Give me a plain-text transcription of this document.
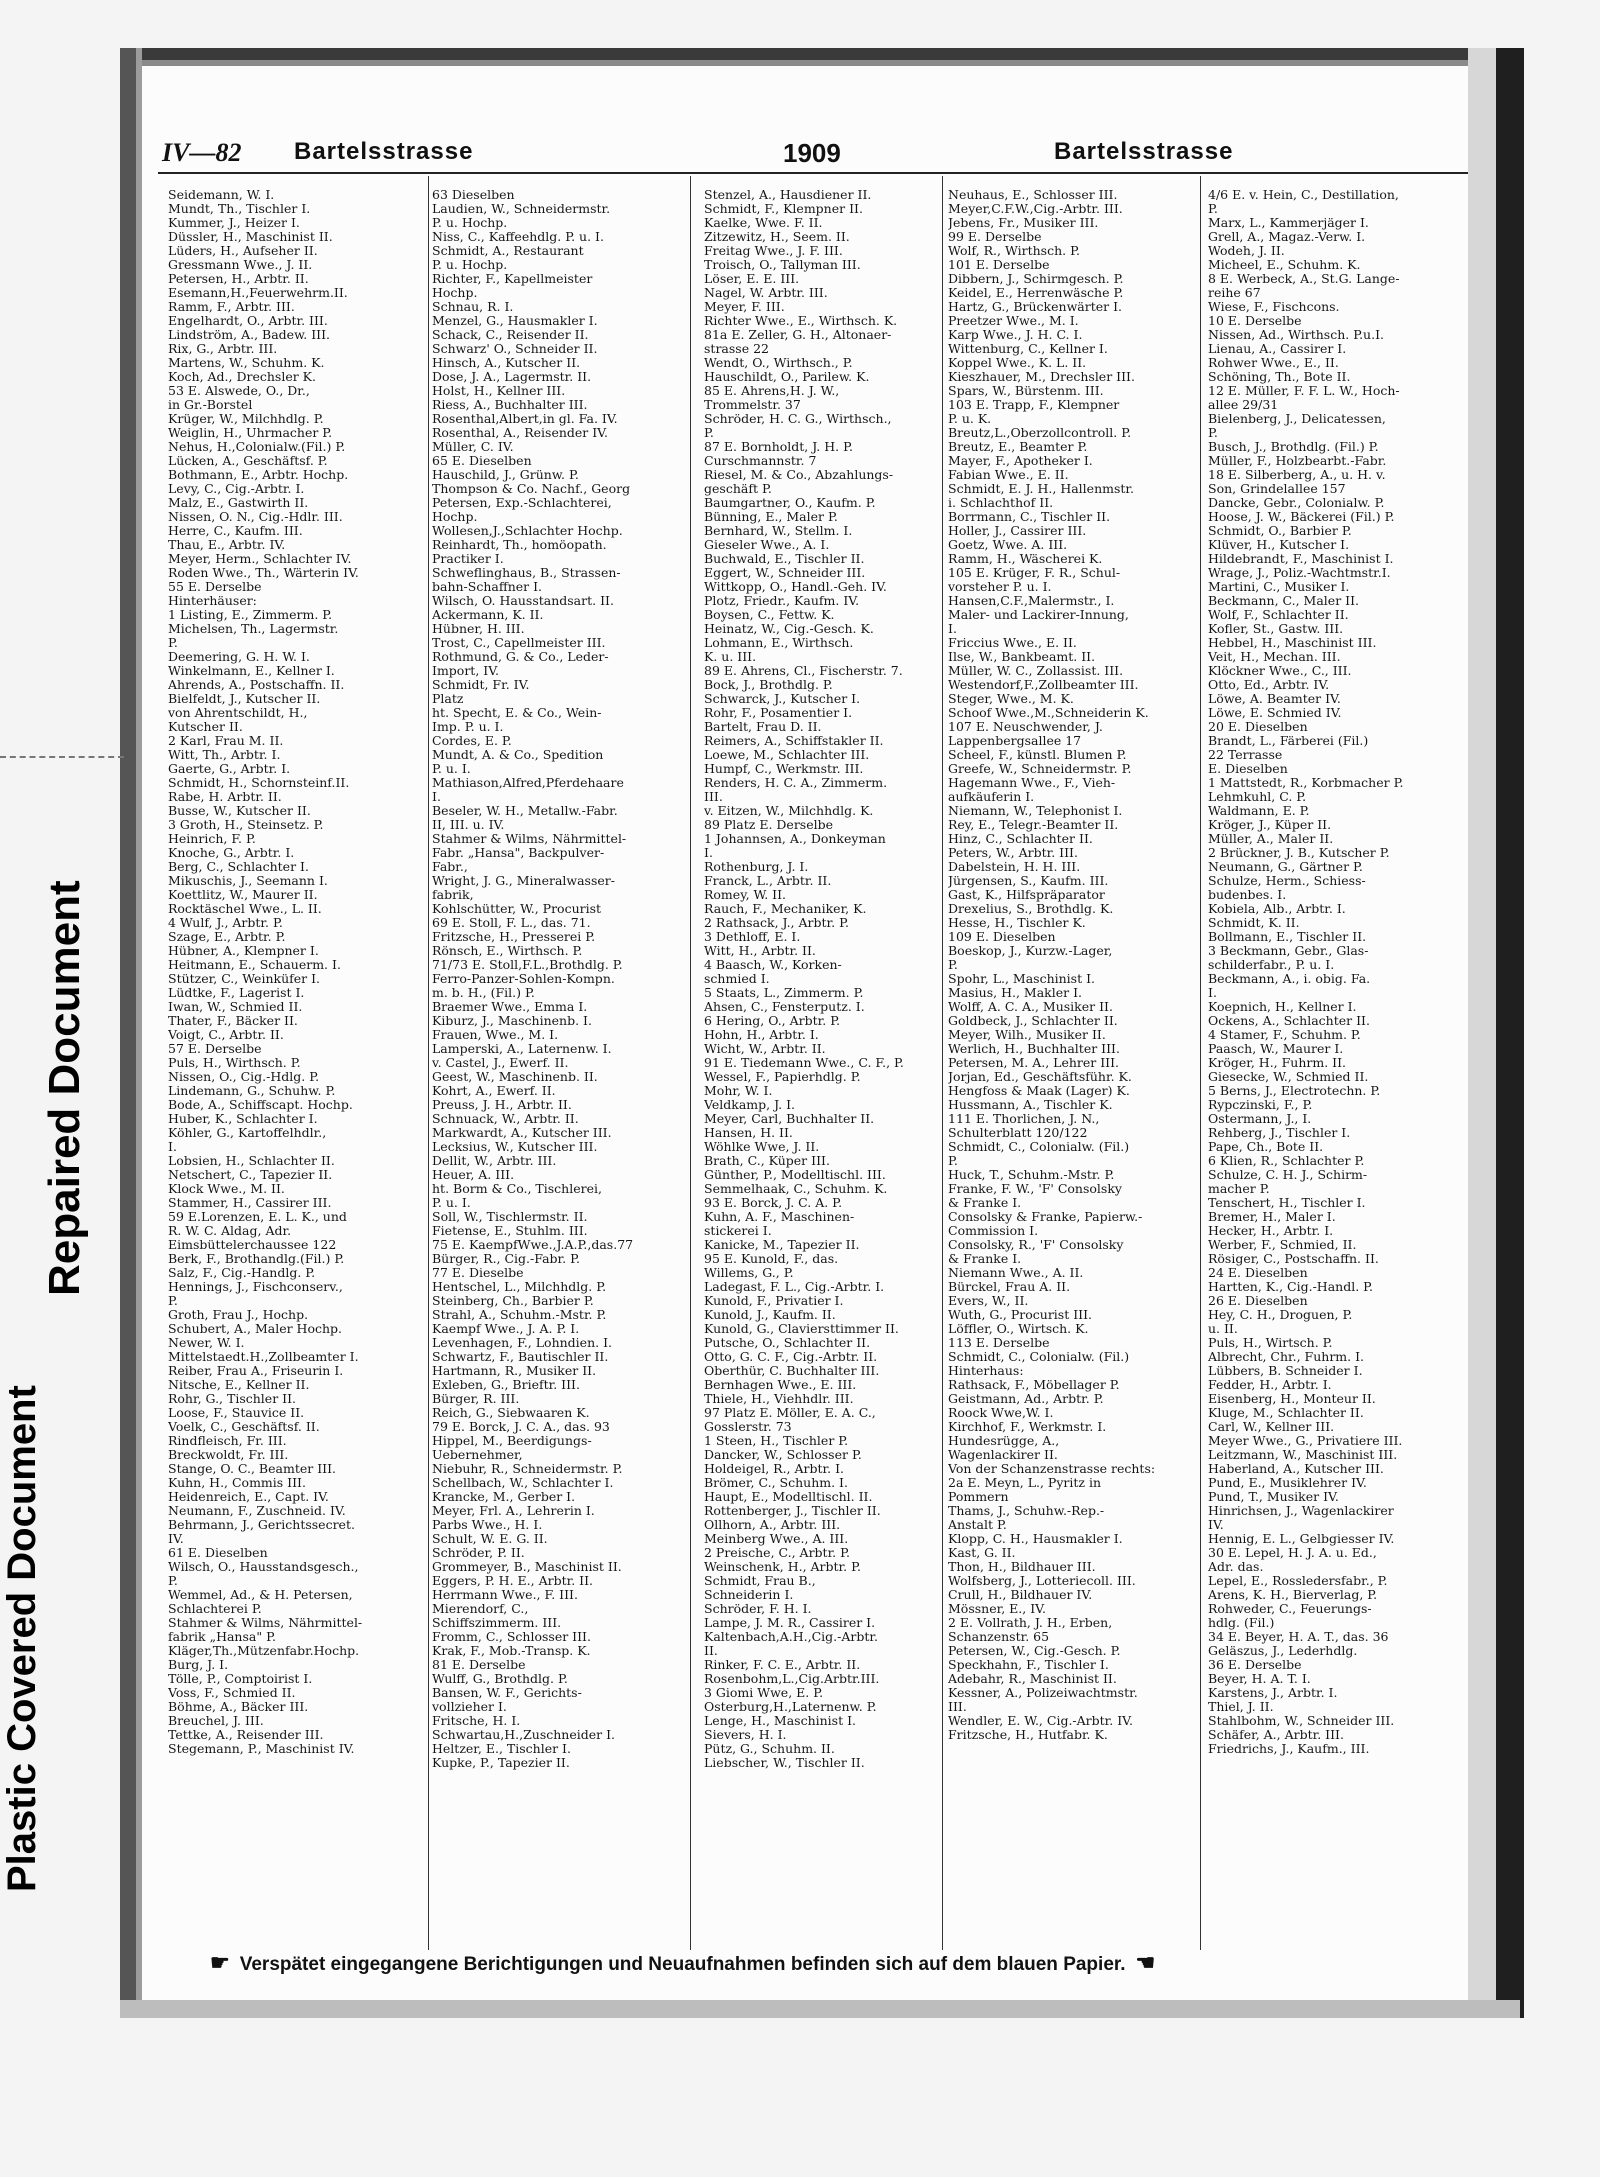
Repaired Document
Plastic Covered Document
IV—82 Bartelsstrasse	1909	Bartelsstrasse
Seidemann, W. I.
Mundt, Th., Tischler I.
Kummer, J., Heizer I.
Düssler, H., Maschinist II.
Lüders, H., Aufseher II.
Gressmann Wwe., J. II.
Petersen, H., Arbtr. II.
Esemann,H.,Feuerwehrm.II.
Ramm, F., Arbtr. III.
Engelhardt, O., Arbtr. III.
Lindström, A., Badew. III.
Rix, G., Arbtr. III.
Martens, W., Schuhm. K.
Koch, Ad., Drechsler K.
53 E. Alswede, O., Dr.,
in Gr.-Borstel
Krüger, W., Milchhdlg. P.
Weiglin, H., Uhrmacher P.
Nehus, H.,Colonialw.(Fil.) P.
Lücken, A., Geschäftsf. P.
Bothmann, E., Arbtr. Hochp.
Levy, C., Cig.-Arbtr. I.
Malz, E., Gastwirth II.
Nissen, O. N., Cig.-Hdlr. III.
Herre, C., Kaufm. III.
Thau, E., Arbtr. IV.
Meyer, Herm., Schlachter IV.
Roden Wwe., Th., Wärterin IV.
55 E. Derselbe
Hinterhäuser:
1 Listing, E., Zimmerm. P.
Michelsen, Th., Lagermstr.
P.
Deemering, G. H. W. I.
Winkelmann, E., Kellner I.
Ahrends, A., Postschaffn. II.
Bielfeldt, J., Kutscher II.
von Ahrentschildt, H.,
Kutscher II.
2 Karl, Frau M. II.
Witt, Th., Arbtr. I.
Gaerte, G., Arbtr. I.
Schmidt, H., Schornsteinf.II.
Rabe, H. Arbtr. II.
Busse, W., Kutscher II.
3 Groth, H., Steinsetz. P.
Heinrich, F. P.
Knoche, G., Arbtr. I.
Berg, C., Schlachter I.
Mikuschis, J., Seemann I.
Koettlitz, W., Maurer II.
Rocktäschel Wwe., L. II.
4 Wulf, J., Arbtr. P.
Szage, E., Arbtr. P.
Hübner, A., Klempner I.
Heitmann, E., Schauerm. I.
Stützer, C., Weinküfer I.
Lüdtke, F., Lagerist I.
Iwan, W., Schmied II.
Thater, F., Bäcker II.
Voigt, C., Arbtr. II.
57 E. Derselbe
Puls, H., Wirthsch. P.
Nissen, O., Cig.-Hdlg. P.
Lindemann, G., Schuhw. P.
Bode, A., Schiffscapt. Hochp.
Huber, K., Schlachter I.
Köhler, G., Kartoffelhdlr.,
I.
Lobsien, H., Schlachter II.
Netschert, C., Tapezier II.
Klock Wwe., M. II.
Stammer, H., Cassirer III.
59 E.Lorenzen, E. L. K., und
R. W. C. Aldag, Adr.
Eimsbüttelerchaussee 122
Berk, F., Brothandlg.(Fil.) P.
Salz, F., Cig.-Handlg. P.
Hennings, J., Fischconserv.,
P.
Groth, Frau J., Hochp.
Schubert, A., Maler Hochp.
Newer, W. I.
Mittelstaedt.H.,Zollbeamter I.
Reiber, Frau A., Friseurin I.
Nitsche, E., Kellner II.
Rohr, G., Tischler II.
Loose, F., Stauvice II.
Voelk, C., Geschäftsf. II.
Rindfleisch, Fr. III.
Breckwoldt, Fr. III.
Stange, O. C., Beamter III.
Kuhn, H., Commis III.
Heidenreich, E., Capt. IV.
Neumann, F., Zuschneid. IV.
Behrmann, J., Gerichtssecret.
IV.
61 E. Dieselben
Wilsch, O., Hausstandsgesch.,
P.
Wemmel, Ad., & H. Petersen,
Schlachterei P.
Stahmer & Wilms, Nährmittel-
fabrik „Hansa" P.
Kläger,Th.,Mützenfabr.Hochp.
Burg, J. I.
Tölle, P., Comptoirist I.
Voss, F., Schmied II.
Böhme, A., Bäcker III.
Breuchel, J. III.
Tettke, A., Reisender III.
Stegemann, P., Maschinist IV.
63 Dieselben
Laudien, W., Schneidermstr.
P. u. Hochp.
Niss, C., Kaffeehdlg. P. u. I.
Schmidt, A., Restaurant
P. u. Hochp.
Richter, F., Kapellmeister
Hochp.
Schnau, R. I.
Menzel, G., Hausmakler I.
Schack, C., Reisender II.
Schwarz' O., Schneider II.
Hinsch, A., Kutscher II.
Dose, J. A., Lagermstr. II.
Holst, H., Kellner III.
Riess, A., Buchhalter III.
Rosenthal,Albert,in gl. Fa. IV.
Rosenthal, A., Reisender IV.
Müller, C. IV.
65 E. Dieselben
Hauschild, J., Grünw. P.
Thompson & Co. Nachf., Georg
Petersen, Exp.-Schlachterei,
Hochp.
Wollesen,J.,Schlachter Hochp.
Reinhardt, Th., homöopath.
Practiker I.
Schweflinghaus, B., Strassen-
bahn-Schaffner I.
Wilsch, O. Hausstandsart. II.
Ackermann, K. II.
Hübner, H. III.
Trost, C., Capellmeister III.
Rothmund, G. & Co., Leder-
Import, IV.
Schmidt, Fr. IV.
Platz
ht. Specht, E. & Co., Wein-
Imp. P. u. I.
Cordes, E. P.
Mundt, A. & Co., Spedition
P. u. I.
Mathiason,Alfred,Pferdehaare
I.
Beseler, W. H., Metallw.-Fabr.
II, III. u. IV.
Stahmer & Wilms, Nährmittel-
Fabr. „Hansa", Backpulver-
Fabr.,
Wright, J. G., Mineralwasser-
fabrik,
Kohlschütter, W., Procurist
69 E. Stoll, F. L., das. 71.
Fritzsche, H., Presserei P.
Rönsch, E., Wirthsch. P.
71/73 E. Stoll,F.L.,Brothdlg. P.
Ferro-Panzer-Sohlen-Kompn.
m. b. H., (Fil.) P.
Braemer Wwe., Emma I.
Kiburz, J., Maschinenb. I.
Frauen, Wwe., M. I.
Lamperski, A., Laternenw. I.
v. Castel, J., Ewerf. II.
Geest, W., Maschinenb. II.
Kohrt, A., Ewerf. II.
Preuss, J. H., Arbtr. II.
Schnuack, W., Arbtr. II.
Markwardt, A., Kutscher III.
Lecksius, W., Kutscher III.
Dellit, W., Arbtr. III.
Heuer, A. III.
ht. Borm & Co., Tischlerei,
P. u. I.
Soll, W., Tischlermstr. II.
Fietense, E., Stuhlm. III.
75 E. KaempfWwe.,J.A.P.,das.77
Bürger, R., Cig.-Fabr. P.
77 E. Dieselbe
Hentschel, L., Milchhdlg. P.
Steinberg, Ch., Barbier P.
Strahl, A., Schuhm.-Mstr. P.
Kaempf Wwe., J. A. P. I.
Levenhagen, F., Lohndien. I.
Schwartz, F., Bautischler II.
Hartmann, R., Musiker II.
Exleben, G., Brieftr. III.
Bürger, R. III.
Reich, G., Siebwaaren K.
79 E. Borck, J. C. A., das. 93
Hippel, M., Beerdigungs-
Uebernehmer,
Niebuhr, R., Schneidermstr. P.
Schellbach, W., Schlachter I.
Krancke, M., Gerber I.
Meyer, Frl. A., Lehrerin I.
Parbs Wwe., H. I.
Schult, W. E. G. II.
Schröder, P. II.
Grommeyer, B., Maschinist II.
Eggers, P. H. E., Arbtr. II.
Herrmann Wwe., F. III.
Mierendorf, C.,
Schiffszimmerm. III.
Fromm, C., Schlosser III.
Krak, F., Mob.-Transp. K.
81 E. Derselbe
Wulff, G., Brothdlg. P.
Bansen, W. F., Gerichts-
vollzieher I.
Fritsche, H. I.
Schwartau,H.,Zuschneider I.
Heltzer, E., Tischler I.
Kupke, P., Tapezier II.
Stenzel, A., Hausdiener II.
Schmidt, F., Klempner II.
Kaelke, Wwe. F. II.
Zitzewitz, H., Seem. II.
Freitag Wwe., J. F. III.
Troisch, O., Tallyman III.
Löser, E. E. III.
Nagel, W. Arbtr. III.
Meyer, F. III.
Richter Wwe., E., Wirthsch. K.
81a E. Zeller, G. H., Altonaer-
strasse 22
Wendt, O., Wirthsch., P.
Hauschildt, O., Parilew. K.
85 E. Ahrens,H. J. W.,
Trommelstr. 37
Schröder, H. C. G., Wirthsch.,
P.
87 E. Bornholdt, J. H. P.
Curschmannstr. 7
Riesel, M. & Co., Abzahlungs-
geschäft P.
Baumgartner, O., Kaufm. P.
Bünning, E., Maler P.
Bernhard, W., Stellm. I.
Gieseler Wwe., A. I.
Buchwald, E., Tischler II.
Eggert, W., Schneider III.
Wittkopp, O., Handl.-Geh. IV.
Plotz, Friedr., Kaufm. IV.
Boysen, C., Fettw. K.
Heinatz, W., Cig.-Gesch. K.
Lohmann, E., Wirthsch.
K. u. III.
89 E. Ahrens, Cl., Fischerstr. 7.
Bock, J., Brothdlg. P.
Schwarck, J., Kutscher I.
Rohr, F., Posamentier I.
Bartelt, Frau D. II.
Reimers, A., Schiffstakler II.
Loewe, M., Schlachter III.
Humpf, C., Werkmstr. III.
Renders, H. C. A., Zimmerm.
III.
v. Eitzen, W., Milchhdlg. K.
89 Platz E. Derselbe
1 Johannsen, A., Donkeyman
I.
Rothenburg, J. I.
Franck, L., Arbtr. II.
Romey, W. II.
Rauch, F., Mechaniker, K.
2 Rathsack, J., Arbtr. P.
3 Dethloff, E. I.
Witt, H., Arbtr. II.
4 Baasch, W., Korken-
schmied I.
5 Staats, L., Zimmerm. P.
Ahsen, C., Fensterputz. I.
6 Hering, O., Arbtr. P.
Hohn, H., Arbtr. I.
Wicht, W., Arbtr. II.
91 E. Tiedemann Wwe., C. F., P.
Wessel, F., Papierhdlg. P.
Mohr, W. I.
Veldkamp, J. I.
Meyer, Carl, Buchhalter II.
Hansen, H. II.
Wöhlke Wwe, J. II.
Brath, C., Küper III.
Günther, P., Modelltischl. III.
Semmelhaak, C., Schuhm. K.
93 E. Borck, J. C. A. P.
Kuhn, A. F., Maschinen-
stickerei I.
Kanicke, M., Tapezier II.
95 E. Kunold, F., das.
Willems, G., P.
Ladegast, F. L., Cig.-Arbtr. I.
Kunold, F., Privatier I.
Kunold, J., Kaufm. II.
Kunold, G., Claviersttimmer II.
Putsche, O., Schlachter II.
Otto, G. C. F., Cig.-Arbtr. II.
Oberthür, C. Buchhalter III.
Bernhagen Wwe., E. III.
Thiele, H., Viehhdlr. III.
97 Platz E. Möller, E. A. C.,
Gosslerstr. 73
1 Steen, H., Tischler P.
Dancker, W., Schlosser P.
Holdeigel, R., Arbtr. I.
Brömer, C., Schuhm. I.
Haupt, E., Modelltischl. II.
Rottenberger, J., Tischler II.
Ollhorn, A., Arbtr. III.
Meinberg Wwe., A. III.
2 Preische, C., Arbtr. P.
Weinschenk, H., Arbtr. P.
Schmidt, Frau B.,
Schneiderin I.
Schröder, F. H. I.
Lampe, J. M. R., Cassirer I.
Kaltenbach,A.H.,Cig.-Arbtr.
II.
Rinker, F. C. E., Arbtr. II.
Rosenbohm,L.,Cig.Arbtr.III.
3 Giomi Wwe, E. P.
Osterburg,H.,Laternenw. P.
Lenge, H., Maschinist I.
Sievers, H. I.
Pütz, G., Schuhm. II.
Liebscher, W., Tischler II.
Neuhaus, E., Schlosser III.
Meyer,C.F.W.,Cig.-Arbtr. III.
Jebens, Fr., Musiker III.
99 E. Derselbe
Wolf, R., Wirthsch. P.
101 E. Derselbe
Dibbern, J., Schirmgesch. P.
Keidel, E., Herrenwäsche P.
Hartz, G., Brückenwärter I.
Preetzer Wwe., M. I.
Karp Wwe., J. H. C. I.
Wittenburg, C., Kellner I.
Koppel Wwe., K. L. II.
Kieszhauer, M., Drechsler III.
Spars, W., Bürstenm. III.
103 E. Trapp, F., Klempner
P. u. K.
Breutz,L.,Oberzollcontroll. P.
Breutz, E., Beamter P.
Mayer, F., Apotheker I.
Fabian Wwe., E. II.
Schmidt, E. J. H., Hallenmstr.
i. Schlachthof II.
Borrmann, C., Tischler II.
Holler, J., Cassirer III.
Goetz, Wwe. A. III.
Ramm, H., Wäscherei K.
105 E. Krüger, F. R., Schul-
vorsteher P. u. I.
Hansen,C.F.,Malermstr., I.
Maler- und Lackirer-Innung,
I.
Friccius Wwe., E. II.
Ilse, W., Bankbeamt. II.
Müller, W. C., Zollassist. III.
Westendorf,F.,Zollbeamter III.
Steger, Wwe., M. K.
Schoof Wwe.,M.,Schneiderin K.
107 E. Neuschwender, J.
Lappenbergsallee 17
Scheel, F., künstl. Blumen P.
Greefe, W., Schneidermstr. P.
Hagemann Wwe., F., Vieh-
aufkäuferin I.
Niemann, W., Telephonist I.
Rey, E., Telegr.-Beamter II.
Hinz, C., Schlachter II.
Peters, W., Arbtr. III.
Dabelstein, H. H. III.
Jürgensen, S., Kaufm. III.
Gast, K., Hilfspräparator
Drexelius, S., Brothdlg. K.
Hesse, H., Tischler K.
109 E. Dieselben
Boeskop, J., Kurzw.-Lager,
P.
Spohr, L., Maschinist I.
Masius, H., Makler I.
Wolff, A. C. A., Musiker II.
Goldbeck, J., Schlachter II.
Meyer, Wilh., Musiker II.
Werlich, H., Buchhalter III.
Petersen, M. A., Lehrer III.
Jorjan, Ed., Geschäftsführ. K.
Hengfoss & Maak (Lager) K.
Hussmann, A., Tischler K.
111 E. Thorlichen, J. N.,
Schulterblatt 120/122
Schmidt, C., Colonialw. (Fil.)
P.
Huck, T., Schuhm.-Mstr. P.
Franke, F. W., 'F' Consolsky
& Franke I.
Consolsky & Franke, Papierw.-
Commission I.
Consolsky, R., 'F' Consolsky
& Franke I.
Niemann Wwe., A. II.
Bürckel, Frau A. II.
Evers, W., II.
Wuth, G., Procurist III.
Löffler, O., Wirtsch. K.
113 E. Derselbe
Schmidt, C., Colonialw. (Fil.)
Hinterhaus:
Rathsack, F., Möbellager P.
Geistmann, Ad., Arbtr. P.
Roock Wwe,W. I.
Kirchhof, F., Werkmstr. I.
Hundesrügge, A.,
Wagenlackirer II.
Von der Schanzenstrasse rechts:
2a E. Meyn, L., Pyritz in
Pommern
Thams, J., Schuhw.-Rep.-
Anstalt P.
Klopp, C. H., Hausmakler I.
Kast, G. II.
Thon, H., Bildhauer III.
Wolfsberg, J., Lotteriecoll. III.
Crull, H., Bildhauer IV.
Mössner, E., IV.
2 E. Vollrath, J. H., Erben,
Schanzenstr. 65
Petersen, W., Cig.-Gesch. P.
Speckhahn, F., Tischler I.
Adebahr, R., Maschinist II.
Kessner, A., Polizeiwachtmstr.
III.
Wendler, E. W., Cig.-Arbtr. IV.
Fritzsche, H., Hutfabr. K.
4/6 E. v. Hein, C., Destillation,
P.
Marx, L., Kammerjäger I.
Grell, A., Magaz.-Verw. I.
Wodeh, J. II.
Micheel, E., Schuhm. K.
8 E. Werbeck, A., St.G. Lange-
reihe 67
Wiese, F., Fischcons.
10 E. Derselbe
Nissen, Ad., Wirthsch. P.u.I.
Lienau, A., Cassirer I.
Rohwer Wwe., E., II.
Schöning, Th., Bote II.
12 E. Müller, F. F. L. W., Hoch-
allee 29/31
Bielenberg, J., Delicatessen,
P.
Busch, J., Brothdlg. (Fil.) P.
Müller, F., Holzbearbt.-Fabr.
18 E. Silberberg, A., u. H. v.
Son, Grindelallee 157
Dancke, Gebr., Colonialw. P.
Hoose, J. W., Bäckerei (Fil.) P.
Schmidt, O., Barbier P.
Klüver, H., Kutscher I.
Hildebrandt, F., Maschinist I.
Wrage, J., Poliz.-Wachtmstr.I.
Martini, C., Musiker I.
Beckmann, C., Maler II.
Wolf, F., Schlachter II.
Kofler, St., Gastw. III.
Hebbel, H., Maschinist III.
Veit, H., Mechan. III.
Klöckner Wwe., C., III.
Otto, Ed., Arbtr. IV.
Löwe, A. Beamter IV.
Löwe, E. Schmied IV.
20 E. Dieselben
Brandt, L., Färberei (Fil.)
22 Terrasse
E. Dieselben
1 Mattstedt, R., Korbmacher P.
Lehmkuhl, C. P.
Waldmann, E. P.
Kröger, J., Küper II.
Müller, A., Maler II.
2 Brückner, J. B., Kutscher P.
Neumann, G., Gärtner P.
Schulze, Herm., Schiess-
budenbes. I.
Kobiela, Alb., Arbtr. I.
Schmidt, K. II.
Bollmann, E., Tischler II.
3 Beckmann, Gebr., Glas-
schilderfabr., P. u. I.
Beckmann, A., i. obig. Fa.
I.
Koepnich, H., Kellner I.
Ockens, A., Schlachter II.
4 Stamer, F., Schuhm. P.
Paasch, W., Maurer I.
Kröger, H., Fuhrm. II.
Giesecke, W., Schmied II.
5 Berns, J., Electrotechn. P.
Rypczinski, F., P.
Ostermann, J., I.
Rehberg, J., Tischler I.
Pape, Ch., Bote II.
6 Klien, R., Schlachter P.
Schulze, C. H. J., Schirm-
macher P.
Tenschert, H., Tischler I.
Bremer, H., Maler I.
Hecker, H., Arbtr. I.
Werber, F., Schmied, II.
Rösiger, C., Postschaffn. II.
24 E. Dieselben
Hartten, K., Cig.-Handl. P.
26 E. Dieselben
Hey, C. H., Droguen, P.
u. II.
Puls, H., Wirtsch. P.
Albrecht, Chr., Fuhrm. I.
Lübbers, B. Schneider I.
Fedder, H., Arbtr. I.
Eisenberg, H., Monteur II.
Kluge, M., Schlachter II.
Carl, W., Kellner III.
Meyer Wwe., G., Privatiere III.
Leitzmann, W., Maschinist III.
Haberland, A., Kutscher III.
Pund, E., Musiklehrer IV.
Pund, T., Musiker IV.
Hinrichsen, J., Wagenlackirer
IV.
Hennig, E. L., Gelbgiesser IV.
30 E. Lepel, H. J. A. u. Ed.,
Adr. das.
Lepel, E., Rossledersfabr., P.
Arens, K. H., Bierverlag, P.
Rohweder, C., Feuerungs-
hdlg. (Fil.)
34 E. Beyer, H. A. T., das. 36
Geläszus, J., Lederhdlg.
36 E. Derselbe
Beyer, H. A. T. I.
Karstens, J., Arbtr. I.
Thiel, J. II.
Stahlbohm, W., Schneider III.
Schäfer, A., Arbtr. III.
Friedrichs, J., Kaufm., III.
☛ Verspätet eingegangene Berichtigungen und Neuaufnahmen befinden sich auf dem blauen Papier. ☚
